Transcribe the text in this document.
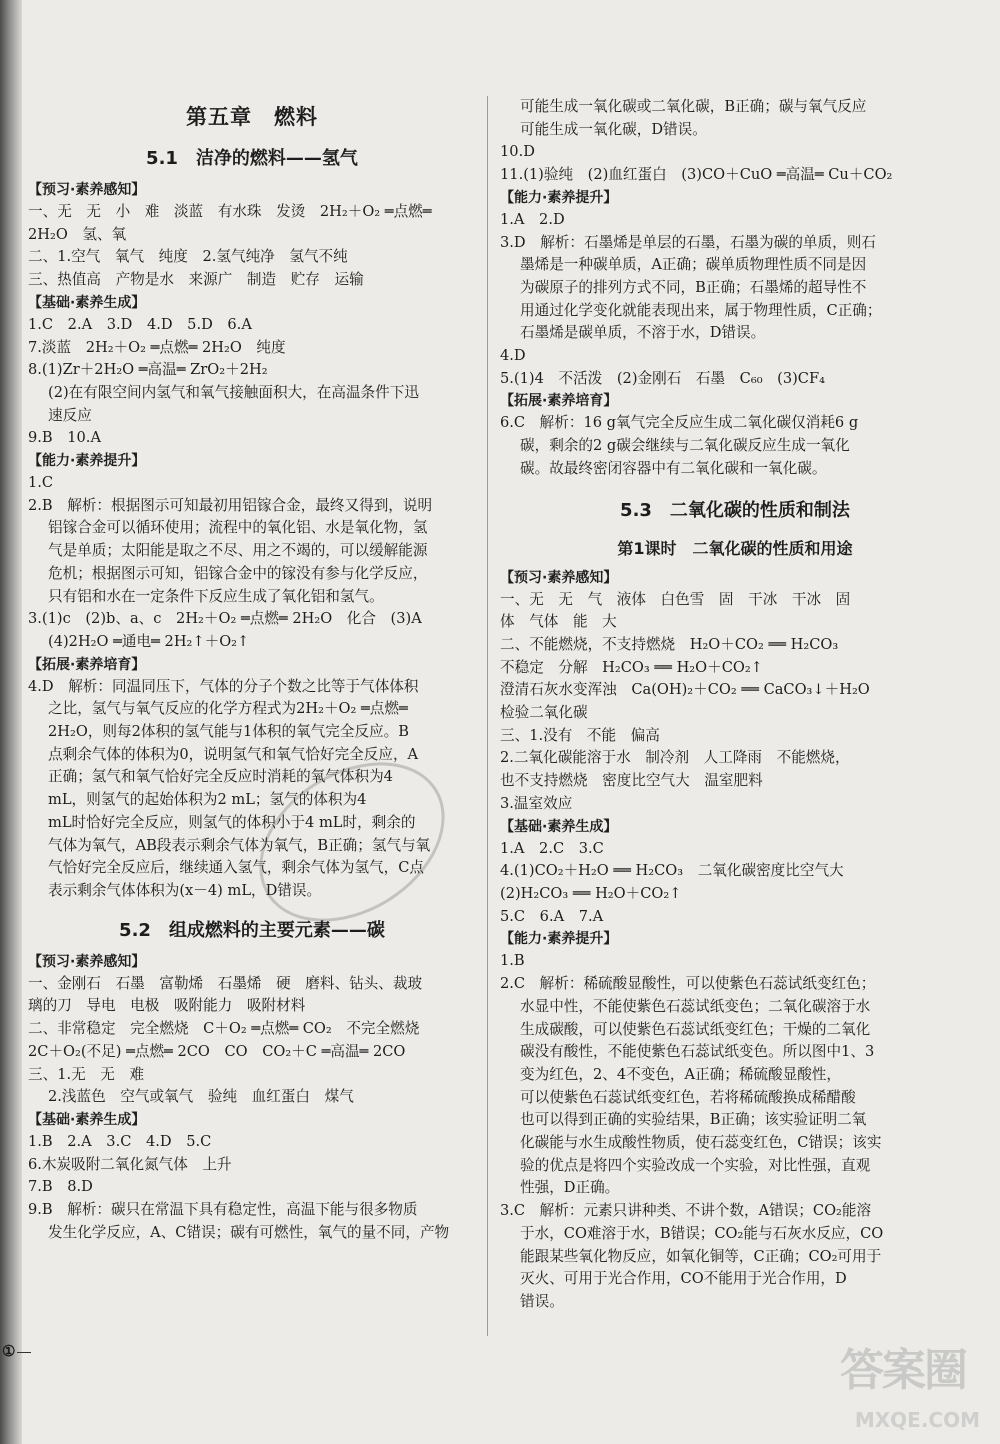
第五章　燃料
5.1　洁净的燃料——氢气
【预习·素养感知】
一、无　无　小　难　淡蓝　有水珠　发烫　2H₂＋O₂ ═点燃═
2H₂O　氢、氧
二、1.空气　氧气　纯度　2.氢气纯净　氢气不纯
三、热值高　产物是水　来源广　制造　贮存　运输
【基础·素养生成】
1.C　2.A　3.D　4.D　5.D　6.A
7.淡蓝　2H₂＋O₂ ═点燃═ 2H₂O　纯度
8.(1)Zr＋2H₂O ═高温═ ZrO₂＋2H₂
(2)在有限空间内氢气和氧气接触面积大，在高温条件下迅
速反应
9.B　10.A
【能力·素养提升】
1.C
2.B　解析：根据图示可知最初用铝镓合金，最终又得到，说明
铝镓合金可以循环使用；流程中的氧化铝、水是氧化物，氢
气是单质；太阳能是取之不尽、用之不竭的，可以缓解能源
危机；根据图示可知，铝镓合金中的镓没有参与化学反应，
只有铝和水在一定条件下反应生成了氧化铝和氢气。
3.(1)c　(2)b、a、c　2H₂＋O₂ ═点燃═ 2H₂O　化合　(3)A
(4)2H₂O ═通电═ 2H₂↑＋O₂↑
【拓展·素养培育】
4.D　解析：同温同压下，气体的分子个数之比等于气体体积
之比，氢气与氧气反应的化学方程式为2H₂＋O₂ ═点燃═
2H₂O，则每2体积的氢气能与1体积的氧气完全反应。B
点剩余气体的体积为0，说明氢气和氧气恰好完全反应，A
正确；氢气和氧气恰好完全反应时消耗的氧气体积为4
mL，则氢气的起始体积为2 mL；氢气的体积为4
mL时恰好完全反应，则氢气的体积小于4 mL时，剩余的
气体为氧气，AB段表示剩余气体为氧气，B正确；氢气与氧
气恰好完全反应后，继续通入氢气，剩余气体为氢气，C点
表示剩余气体体积为(x－4) mL，D错误。
5.2　组成燃料的主要元素——碳
【预习·素养感知】
一、金刚石　石墨　富勒烯　石墨烯　硬　磨料、钻头、裁玻
璃的刀　导电　电极　吸附能力　吸附材料
二、非常稳定　完全燃烧　C＋O₂ ═点燃═ CO₂　不完全燃烧
2C＋O₂(不足) ═点燃═ 2CO　CO　CO₂＋C ═高温═ 2CO
三、1.无　无　难
2.浅蓝色　空气或氧气　验纯　血红蛋白　煤气
【基础·素养生成】
1.B　2.A　3.C　4.D　5.C
6.木炭吸附二氧化氮气体　上升
7.B　8.D
9.B　解析：碳只在常温下具有稳定性，高温下能与很多物质
发生化学反应，A、C错误；碳有可燃性，氧气的量不同，产物
可能生成一氧化碳或二氧化碳，B正确；碳与氧气反应
可能生成一氧化碳，D错误。
10.D
11.(1)验纯　(2)血红蛋白　(3)CO＋CuO ═高温═ Cu＋CO₂
【能力·素养提升】
1.A　2.D
3.D　解析：石墨烯是单层的石墨，石墨为碳的单质，则石
墨烯是一种碳单质，A正确；碳单质物理性质不同是因
为碳原子的排列方式不同，B正确；石墨烯的超导性不
用通过化学变化就能表现出来，属于物理性质，C正确；
石墨烯是碳单质，不溶于水，D错误。
4.D
5.(1)4　不活泼　(2)金刚石　石墨　C₆₀　(3)CF₄
【拓展·素养培育】
6.C　解析：16 g氧气完全反应生成二氧化碳仅消耗6 g
碳，剩余的2 g碳会继续与二氧化碳反应生成一氧化
碳。故最终密闭容器中有二氧化碳和一氧化碳。
5.3　二氧化碳的性质和制法
第1课时　二氧化碳的性质和用途
【预习·素养感知】
一、无　无　气　液体　白色雪　固　干冰　干冰　固
体　气体　能　大
二、不能燃烧，不支持燃烧　H₂O＋CO₂ ══ H₂CO₃
不稳定　分解　H₂CO₃ ══ H₂O＋CO₂↑
澄清石灰水变浑浊　Ca(OH)₂＋CO₂ ══ CaCO₃↓＋H₂O
检验二氧化碳
三、1.没有　不能　偏高
2.二氧化碳能溶于水　制冷剂　人工降雨　不能燃烧，
也不支持燃烧　密度比空气大　温室肥料
3.温室效应
【基础·素养生成】
1.A　2.C　3.C
4.(1)CO₂＋H₂O ══ H₂CO₃　二氧化碳密度比空气大
(2)H₂CO₃ ══ H₂O＋CO₂↑
5.C　6.A　7.A
【能力·素养提升】
1.B
2.C　解析：稀硫酸显酸性，可以使紫色石蕊试纸变红色；
水显中性，不能使紫色石蕊试纸变色；二氧化碳溶于水
生成碳酸，可以使紫色石蕊试纸变红色；干燥的二氧化
碳没有酸性，不能使紫色石蕊试纸变色。所以图中1、3
变为红色，2、4不变色，A正确；稀硫酸显酸性，
可以使紫色石蕊试纸变红色，若将稀硫酸换成稀醋酸
也可以得到正确的实验结果，B正确；该实验证明二氧
化碳能与水生成酸性物质，使石蕊变红色，C错误；该实
验的优点是将四个实验改成一个实验，对比性强，直观
性强，D正确。
3.C　解析：元素只讲种类、不讲个数，A错误；CO₂能溶
于水，CO难溶于水，B错误；CO₂能与石灰水反应，CO
能跟某些氧化物反应，如氧化铜等，C正确；CO₂可用于
灭火、可用于光合作用，CO不能用于光合作用，D
错误。
①	答案圈
MXQE.COM
